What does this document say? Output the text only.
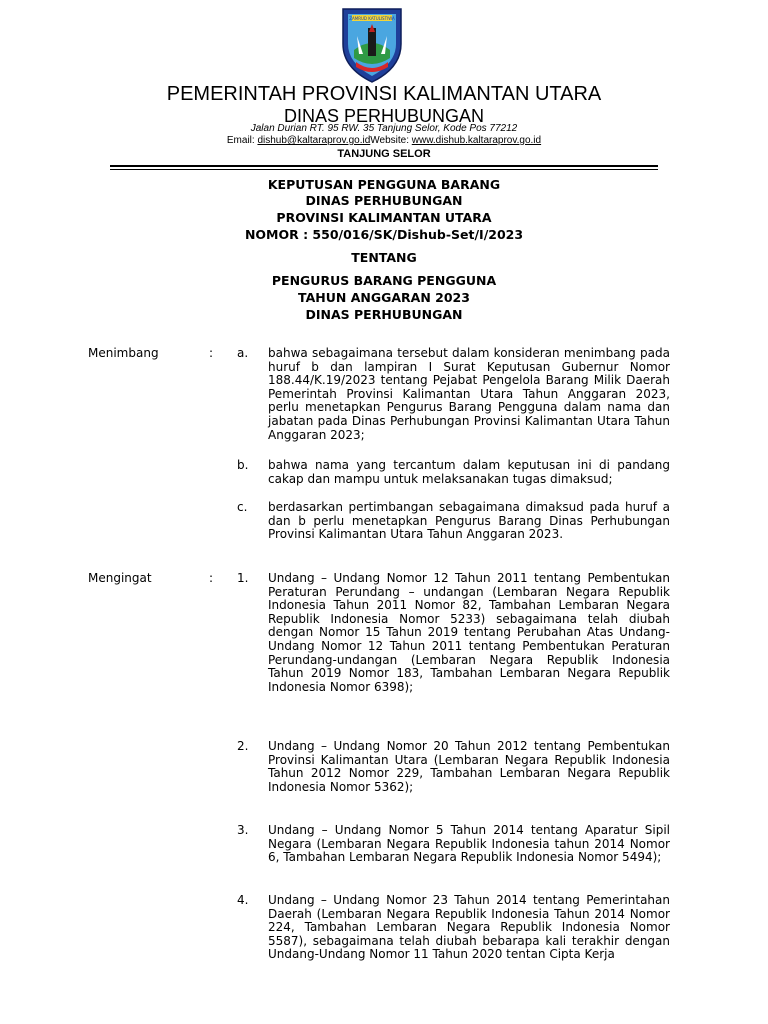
ZAMRUD KATULISTIWA
PEMERINTAH PROVINSI KALIMANTAN UTARA
DINAS PERHUBUNGAN
Jalan Durian RT. 95 RW. 35 Tanjung Selor, Kode Pos 77212
Email: dishub@kaltaraprov.go.idWebsite: www.dishub.kaltaraprov.go.id
TANJUNG SELOR
KEPUTUSAN PENGGUNA BARANG
DINAS PERHUBUNGAN
PROVINSI KALIMANTAN UTARA
NOMOR : 550/016/SK/Dishub-Set/I/2023
TENTANG
PENGURUS BARANG PENGGUNA
TAHUN ANGGARAN 2023
DINAS PERHUBUNGAN
Menimbang	: a. bahwa sebagaimana tersebut dalam konsideran menimbang pada huruf b dan lampiran I Surat Keputusan Gubernur Nomor 188.44/K.19/2023 tentang Pejabat Pengelola Barang Milik Daerah Pemerintah Provinsi Kalimantan Utara Tahun Anggaran 2023, perlu menetapkan Pengurus Barang Pengguna dalam nama dan jabatan pada Dinas Perhubungan Provinsi Kalimantan Utara Tahun Anggaran 2023;

b. bahwa nama yang tercantum dalam keputusan ini di pandang cakap dan mampu untuk melaksanakan tugas dimaksud;

c. berdasarkan pertimbangan sebagaimana dimaksud pada huruf a dan b perlu menetapkan Pengurus Barang Dinas Perhubungan Provinsi Kalimantan Utara Tahun Anggaran 2023.

Mengingat	: 1. Undang – Undang Nomor 12 Tahun 2011 tentang Pembentukan Peraturan Perundang – undangan (Lembaran Negara Republik Indonesia Tahun 2011 Nomor 82, Tambahan Lembaran Negara Republik Indonesia Nomor 5233) sebagaimana telah diubah dengan Nomor 15 Tahun 2019 tentang Perubahan Atas Undang-Undang Nomor 12 Tahun 2011 tentang Pembentukan Peraturan Perundang-undangan (Lembaran Negara Republik Indonesia Tahun 2019 Nomor 183, Tambahan Lembaran Negara Republik Indonesia Nomor 6398);

2. Undang – Undang Nomor 20 Tahun 2012 tentang Pembentukan Provinsi Kalimantan Utara (Lembaran Negara Republik Indonesia Tahun 2012 Nomor 229, Tambahan Lembaran Negara Republik Indonesia Nomor 5362);

3. Undang – Undang Nomor 5 Tahun 2014 tentang Aparatur Sipil Negara (Lembaran Negara Republik Indonesia tahun 2014 Nomor 6, Tambahan Lembaran Negara Republik Indonesia Nomor 5494);

4. Undang – Undang Nomor 23 Tahun 2014 tentang Pemerintahan Daerah (Lembaran Negara Republik Indonesia Tahun 2014 Nomor 224, Tambahan Lembaran Negara Republik Indonesia Nomor 5587), sebagaimana telah diubah bebarapa kali terakhir dengan Undang-Undang Nomor 11 Tahun 2020 tentan Cipta Kerja
